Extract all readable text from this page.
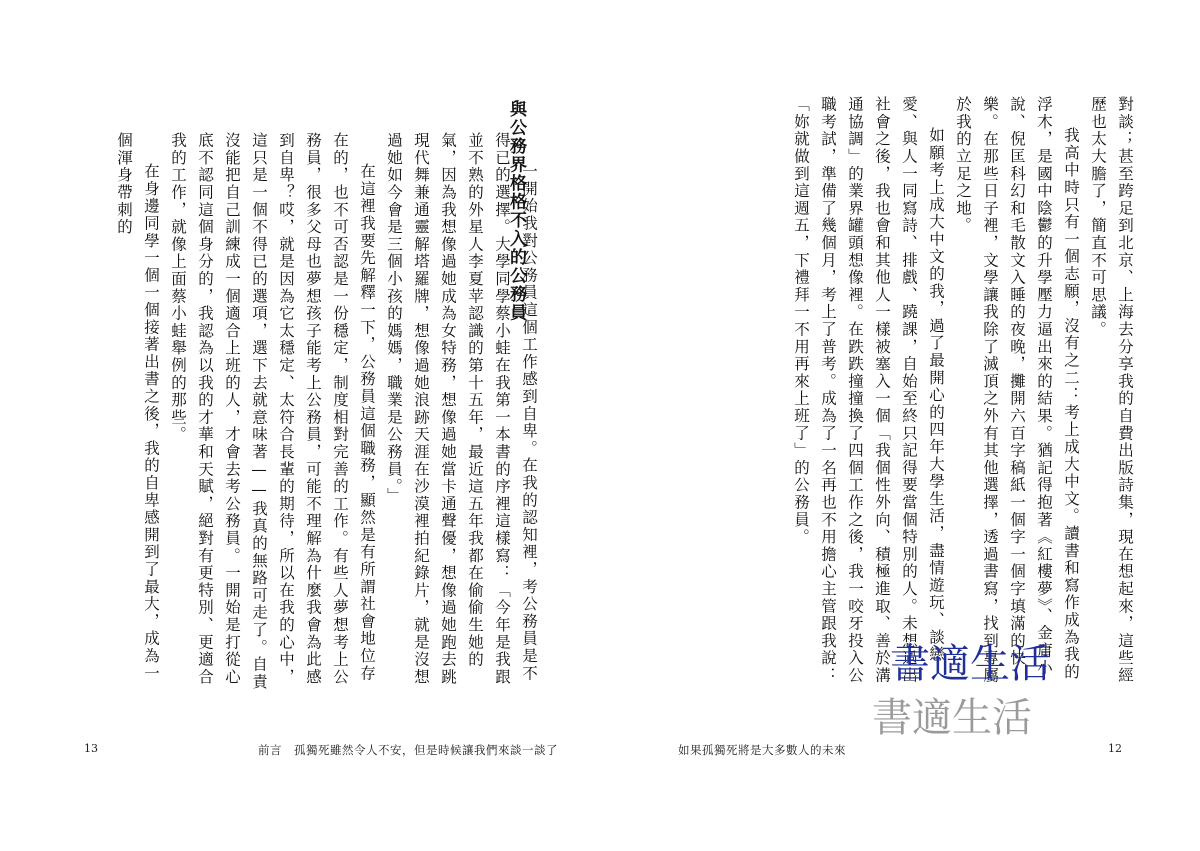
與公務界格格不入的公務員

一開始我對公務員這個工作感到自卑。在我的認知裡，考公務員是不得已的選擇。大學同學蔡小蛙在我第一本書的序裡這樣寫：「今年是我跟並不熟的外星人李夏苹認識的第十五年，最近這五年我都在偷偷生她的氣，因為我想像過她成為女特務，想像過她當卡通聲優，想像過她跑去跳現代舞兼通靈解塔羅牌，想像過她浪跡天涯在沙漠裡拍紀錄片，就是沒想過她如今會是三個小孩的媽媽，職業是公務員。」

在這裡我要先解釋一下，公務員這個職務，顯然是有所謂社會地位存在的，也不可否認是一份穩定，制度相對完善的工作。有些人夢想考上公務員，很多父母也夢想孩子能考上公務員，可能不理解為什麼我會為此感到自卑？哎，就是因為它太穩定、太符合長輩的期待，所以在我的心中，這只是一個不得已的選項，選下去就意味著——我真的無路可走了。自責沒能把自己訓練成一個適合上班的人，才會去考公務員。一開始是打從心底不認同這個身分的，我認為以我的才華和天賦，絕對有更特別、更適合我的工作，就像上面蔡小蛙舉例的那些。

在身邊同學一個一個接著出書之後，我的自卑感開到了最大，成為一個渾身帶刺的

13	前言　孤獨死雖然令人不安，但是時候讓我們來談一談了

對談；甚至跨足到北京、上海去分享我的自費出版詩集，現在想起來，這些經歷也太大膽了，簡直不可思議。

我高中時只有一個志願，沒有之二：考上成大中文。讀書和寫作成為我的浮木，是國中陰鬱的升學壓力逼出來的結果。猶記得抱著《紅樓夢》、金庸小說、倪匡科幻和毛散文入睡的夜晚，攤開六百字稿紙一個字一個字填滿的快樂。在那些日子裡，文學讓我除了滅頂之外有其他選擇，透過書寫，找到專屬於我的立足之地。

如願考上成大中文的我，過了最開心的四年大學生活，盡情遊玩、談戀愛、與人一同寫詩、排戲、蹺課，自始至終只記得要當個特別的人。未想過出社會之後，我也會和其他人一樣被塞入一個「我個性外向、積極進取、善於溝通協調」的業界罐頭想像裡。在跌跌撞撞換了四個工作之後，我一咬牙投入公職考試，準備了幾個月，考上了普考。成為了一名再也不用擔心主管跟我說：「妳就做到這週五，下禮拜一不用再來上班了」的公務員。

12
如果孤獨死將是大多數人的未來
書適生活
書適生活
